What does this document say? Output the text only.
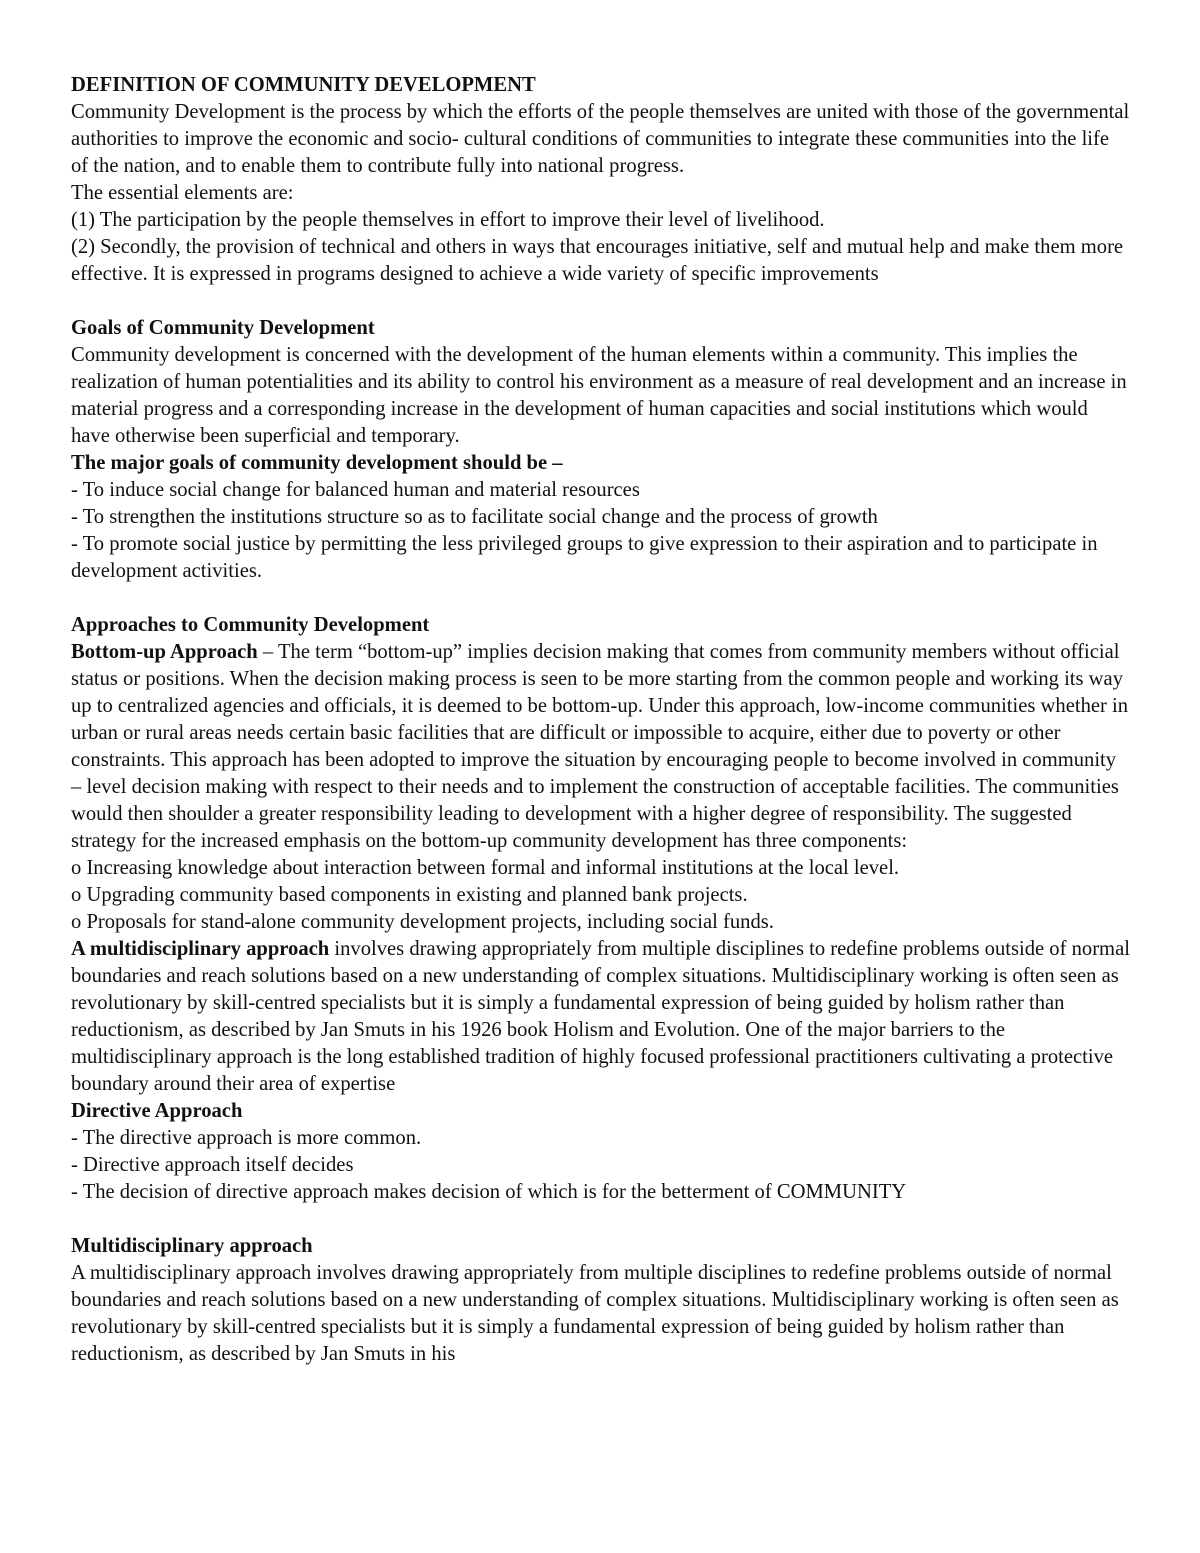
DEFINITION OF COMMUNITY DEVELOPMENT

Community Development is the process by which the efforts of the people themselves are united with those of the governmental authorities to improve the economic and socio- cultural conditions of communities to integrate these communities into the life of the nation, and to enable them to contribute fully into national progress.

The essential elements are:

(1) The participation by the people themselves in effort to improve their level of livelihood.

(2) Secondly, the provision of technical and others in ways that encourages initiative, self and mutual help and make them more effective. It is expressed in programs designed to achieve a wide variety of specific improvements

Goals of Community Development

Community development is concerned with the development of the human elements within a community. This implies the realization of human potentialities and its ability to control his environment as a measure of real development and an increase in material progress and a corresponding increase in the development of human capacities and social institutions which would have otherwise been superficial and temporary.

The major goals of community development should be –

- To induce social change for balanced human and material resources

- To strengthen the institutions structure so as to facilitate social change and the process of growth

- To promote social justice by permitting the less privileged groups to give expression to their aspiration and to participate in development activities.

Approaches to Community Development

Bottom-up Approach – The term “bottom-up” implies decision making that comes from community members without official status or positions. When the decision making process is seen to be more starting from the common people and working its way up to centralized agencies and officials, it is deemed to be bottom-up. Under this approach, low-income communities whether in urban or rural areas needs certain basic facilities that are difficult or impossible to acquire, either due to poverty or other constraints. This approach has been adopted to improve the situation by encouraging people to become involved in community – level decision making with respect to their needs and to implement the construction of acceptable facilities. The communities would then shoulder a greater responsibility leading to development with a higher degree of responsibility. The suggested strategy for the increased emphasis on the bottom-up community development has three components:

o Increasing knowledge about interaction between formal and informal institutions at the local level.

o Upgrading community based components in existing and planned bank projects.

o Proposals for stand-alone community development projects, including social funds.

A multidisciplinary approach involves drawing appropriately from multiple disciplines to redefine problems outside of normal boundaries and reach solutions based on a new understanding of complex situations. Multidisciplinary working is often seen as revolutionary by skill-centred specialists but it is simply a fundamental expression of being guided by holism rather than reductionism, as described by Jan Smuts in his 1926 book Holism and Evolution. One of the major barriers to the multidisciplinary approach is the long established tradition of highly focused professional practitioners cultivating a protective boundary around their area of expertise

Directive Approach

- The directive approach is more common.

- Directive approach itself decides

- The decision of directive approach makes decision of which is for the betterment of COMMUNITY

Multidisciplinary approach

A multidisciplinary approach involves drawing appropriately from multiple disciplines to redefine problems outside of normal boundaries and reach solutions based on a new understanding of complex situations. Multidisciplinary working is often seen as revolutionary by skill-centred specialists but it is simply a fundamental expression of being guided by holism rather than reductionism, as described by Jan Smuts in his
